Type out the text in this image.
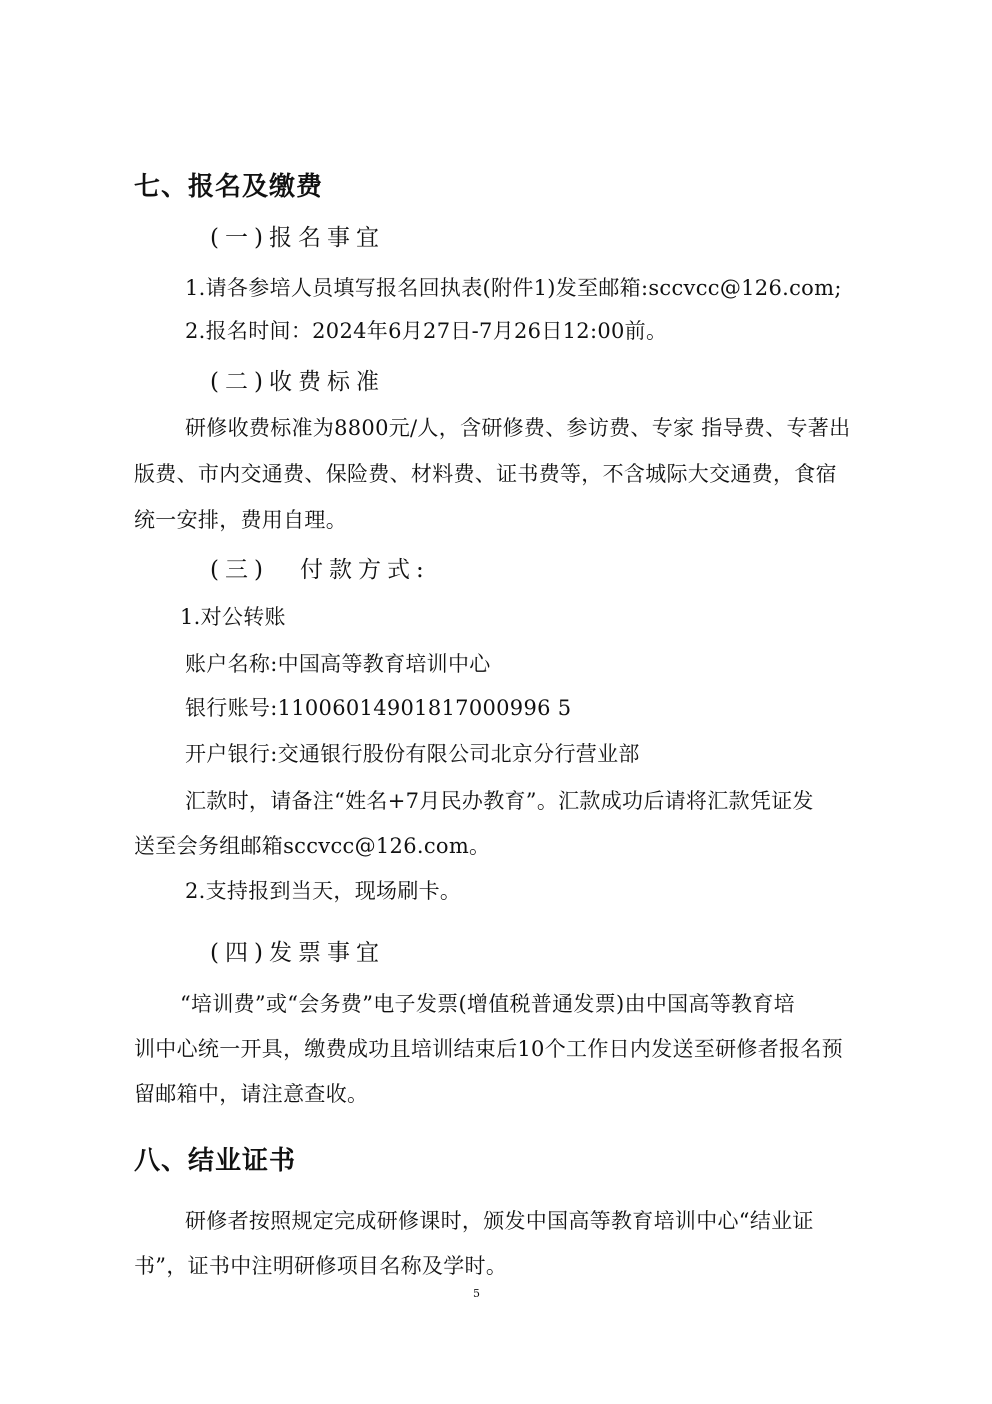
七、报名及缴费
(一)报名事宜

1.请各参培人员填写报名回执表(附件1)发至邮箱:sccvcc@126.com;

2.报名时间：2024年6月27日-7月26日12:00前。

(二)收费标准

研修收费标准为8800元/人，含研修费、参访费、专家 指导费、专著出

版费、市内交通费、保险费、材料费、证书费等，不含城际大交通费，食宿

统一安排，费用自理。

(三) 付款方式:

1.对公转账

账户名称:中国高等教育培训中心

银行账号:11006014901817000996 5

开户银行:交通银行股份有限公司北京分行营业部

汇款时，请备注“姓名+7月民办教育”。汇款成功后请将汇款凭证发

送至会务组邮箱sccvcc@126.com。

2.支持报到当天，现场刷卡。

(四)发票事宜

“培训费”或“会务费”电子发票(增值税普通发票)由中国高等教育培

训中心统一开具，缴费成功且培训结束后10个工作日内发送至研修者报名预

留邮箱中，请注意查收。

八、结业证书

研修者按照规定完成研修课时，颁发中国高等教育培训中心“结业证

书”，证书中注明研修项目名称及学时。

5
